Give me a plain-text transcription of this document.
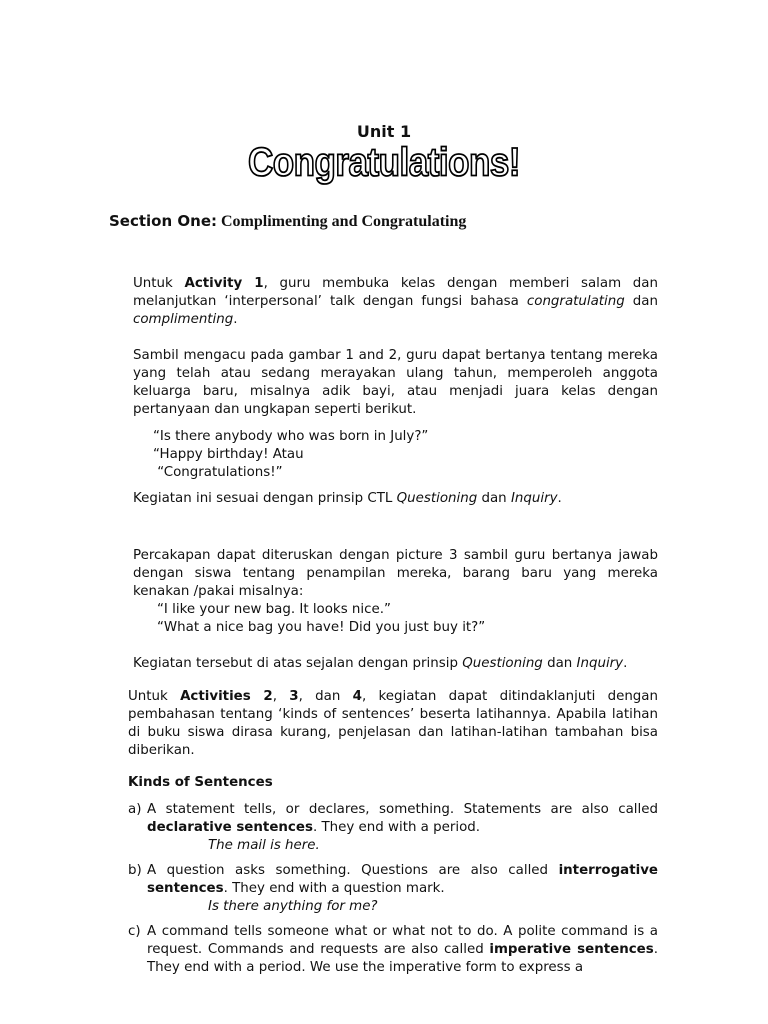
Unit 1
Congratulations!
Section One: Complimenting and Congratulating

Untuk Activity 1, guru membuka kelas dengan memberi salam dan melanjutkan ‘interpersonal’ talk dengan fungsi bahasa congratulating dan complimenting.

Sambil mengacu pada gambar 1 and 2, guru dapat bertanya tentang mereka yang telah atau sedang merayakan ulang tahun, memperoleh anggota keluarga baru, misalnya adik bayi, atau menjadi juara kelas dengan pertanyaan dan ungkapan seperti berikut.

“Is there anybody who was born in July?”
“Happy birthday! Atau
“Congratulations!”

Kegiatan ini sesuai dengan prinsip CTL Questioning dan Inquiry.

Percakapan dapat diteruskan dengan picture 3 sambil guru bertanya jawab dengan siswa tentang penampilan mereka, barang baru yang mereka kenakan /pakai misalnya:

“I like your new bag. It looks nice.”
“What a nice bag you have! Did you just buy it?”

Kegiatan tersebut di atas sejalan dengan prinsip Questioning dan Inquiry.

Untuk Activities 2, 3, dan 4, kegiatan dapat ditindaklanjuti dengan pembahasan tentang ‘kinds of sentences’ beserta latihannya. Apabila latihan di buku siswa dirasa kurang, penjelasan dan latihan-latihan tambahan bisa diberikan.

Kinds of Sentences
a) A statement tells, or declares, something. Statements are also called declarative sentences. They end with a period.
The mail is here.
b) A question asks something. Questions are also called interrogative sentences. They end with a question mark.
Is there anything for me?
c) A command tells someone what or what not to do. A polite command is a request. Commands and requests are also called imperative sentences. They end with a period. We use the imperative form to express a
